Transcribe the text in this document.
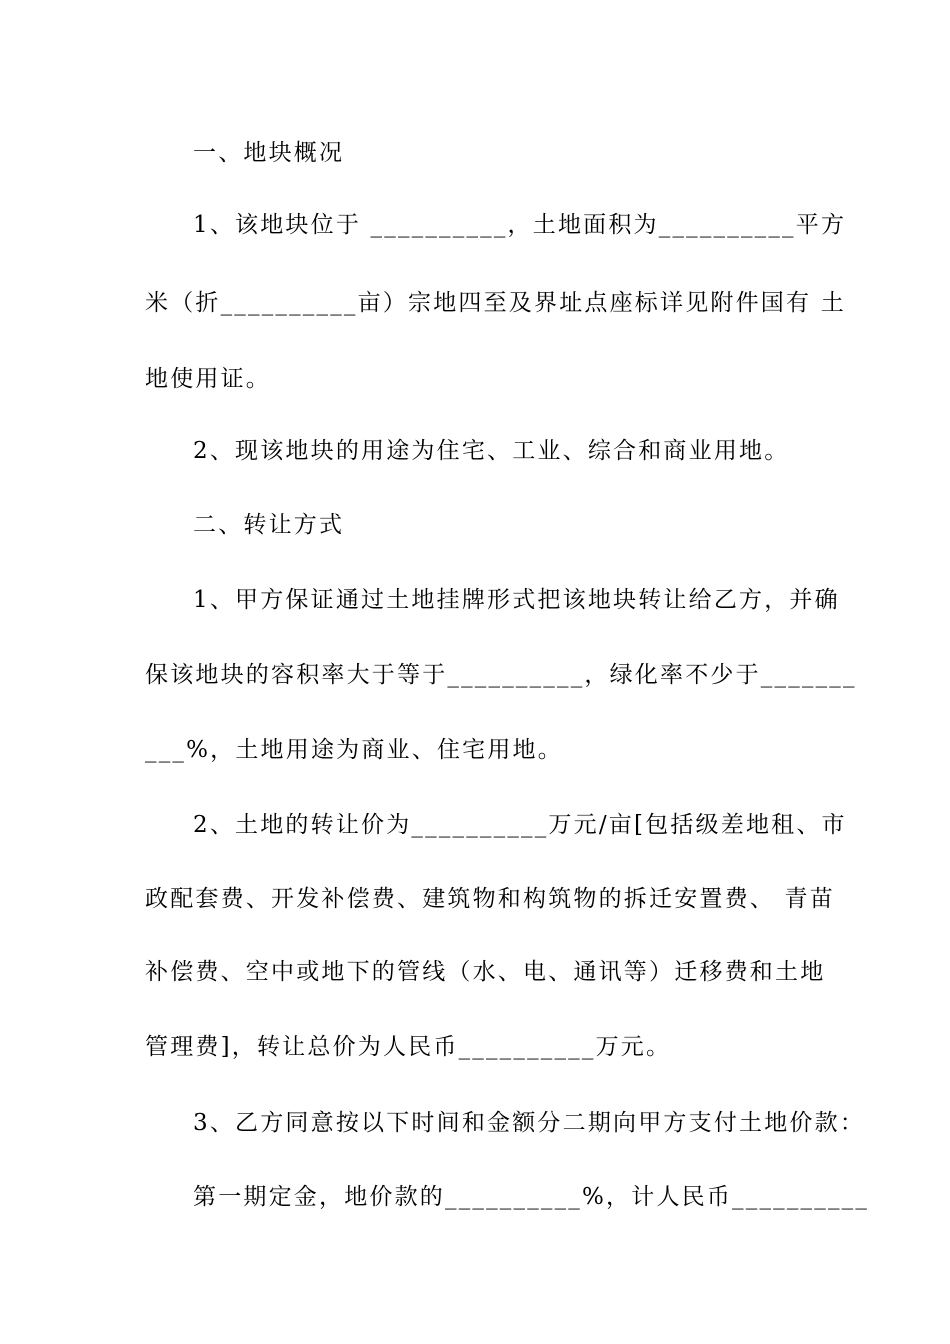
一、地块概况
1、该地块位于 __________，土地面积为__________平方
米（折__________亩）宗地四至及界址点座标详见附件国有 土
地使用证。
2、现该地块的用途为住宅、工业、综合和商业用地。
二、转让方式
1、甲方保证通过土地挂牌形式把该地块转让给乙方，并确
保该地块的容积率大于等于__________，绿化率不少于_______
___%，土地用途为商业、住宅用地。
2、土地的转让价为__________万元/亩[包括级差地租、市
政配套费、开发补偿费、建筑物和构筑物的拆迁安置费、 青苗
补偿费、空中或地下的管线（水、电、通讯等）迁移费和土地
管理费]，转让总价为人民币__________万元。
3、乙方同意按以下时间和金额分二期向甲方支付土地价款：
第一期定金，地价款的__________%，计人民币__________
